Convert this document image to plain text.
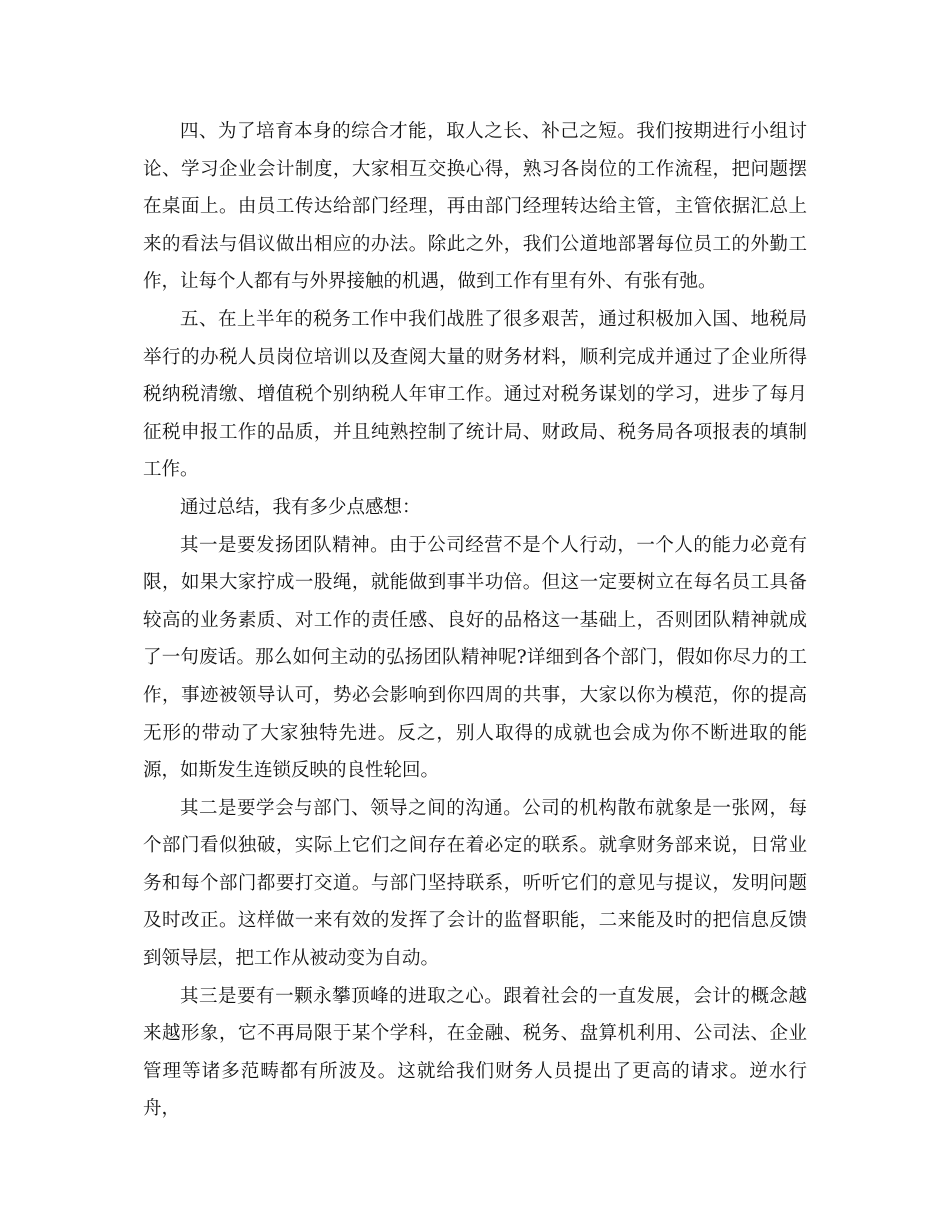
四、为了培育本身的综合才能，取人之长、补己之短。我们按期进行小组讨论、学习企业会计制度，大家相互交换心得，熟习各岗位的工作流程，把问题摆在桌面上。由员工传达给部门经理，再由部门经理转达给主管，主管依据汇总上来的看法与倡议做出相应的办法。除此之外，我们公道地部署每位员工的外勤工作，让每个人都有与外界接触的机遇，做到工作有里有外、有张有弛。

五、在上半年的税务工作中我们战胜了很多艰苦，通过积极加入国、地税局举行的办税人员岗位培训以及查阅大量的财务材料，顺利完成并通过了企业所得税纳税清缴、增值税个别纳税人年审工作。通过对税务谋划的学习，进步了每月征税申报工作的品质，并且纯熟控制了统计局、财政局、税务局各项报表的填制工作。

通过总结，我有多少点感想：

其一是要发扬团队精神。由于公司经营不是个人行动，一个人的能力必竟有限，如果大家拧成一股绳，就能做到事半功倍。但这一定要树立在每名员工具备较高的业务素质、对工作的责任感、良好的品格这一基础上，否则团队精神就成了一句废话。那么如何主动的弘扬团队精神呢?详细到各个部门，假如你尽力的工作，事迹被领导认可，势必会影响到你四周的共事，大家以你为模范，你的提高无形的带动了大家独特先进。反之，别人取得的成就也会成为你不断进取的能源，如斯发生连锁反映的良性轮回。

其二是要学会与部门、领导之间的沟通。公司的机构散布就象是一张网，每个部门看似独破，实际上它们之间存在着必定的联系。就拿财务部来说，日常业务和每个部门都要打交道。与部门坚持联系，听听它们的意见与提议，发明问题及时改正。这样做一来有效的发挥了会计的监督职能，二来能及时的把信息反馈到领导层，把工作从被动变为自动。

其三是要有一颗永攀顶峰的进取之心。跟着社会的一直发展，会计的概念越来越形象，它不再局限于某个学科，在金融、税务、盘算机利用、公司法、企业管理等诸多范畴都有所波及。这就给我们财务人员提出了更高的请求。逆水行舟，
